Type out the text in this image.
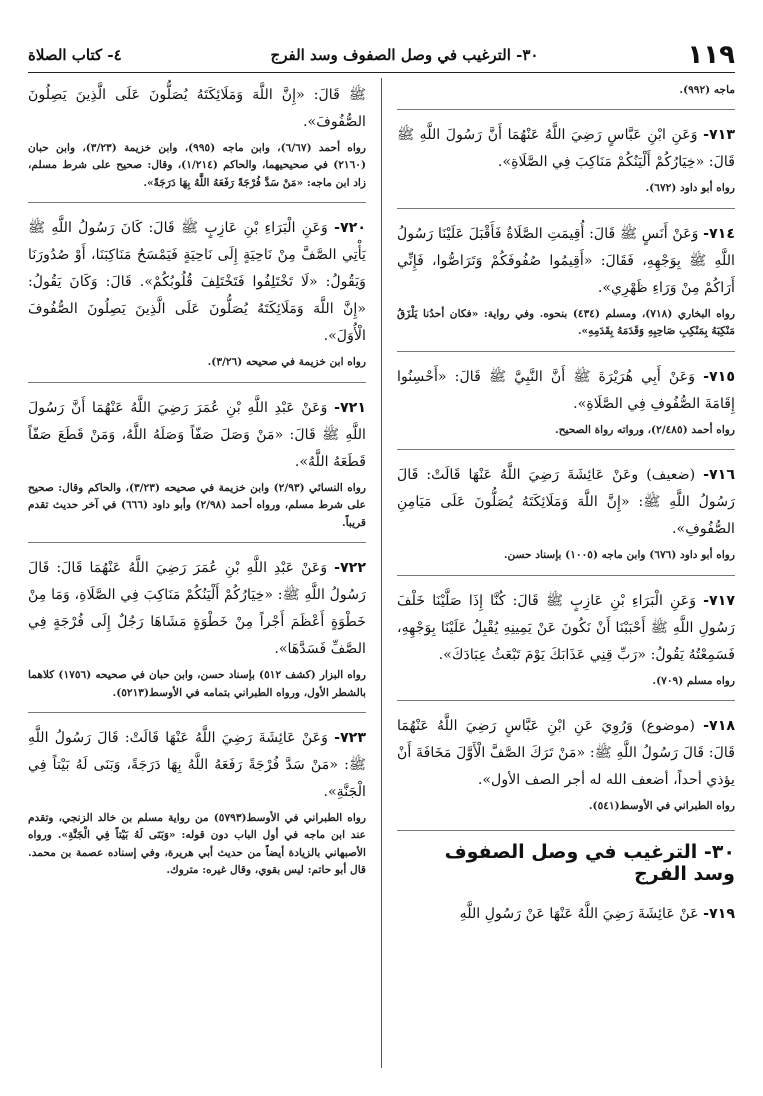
١١٩
٣٠- الترغيب في وصل الصفوف وسد الفرج
٤- كتاب الصلاة

ماجه (٩٩٢).

٧١٣- وَعَنِ ابْنِ عَبَّاسٍ رَضِيَ اللَّهُ عَنْهُمَا أَنَّ رَسُولَ اللَّهِ ﷺ قَالَ: «خِيَارُكُمْ أَلْيَنُكُمْ مَنَاكِبَ فِي الصَّلَاةِ».

رواه أبو داود (٦٧٢).

٧١٤- وَعَنْ أَنَسٍ ﷺ قَالَ: أُقِيمَتِ الصَّلَاةُ فَأَقْبَلَ عَلَيْنَا رَسُولُ اللَّهِ ﷺ بِوَجْهِهِ، فَقَالَ: «أَقِيمُوا صُفُوفَكُمْ وَتَرَاصُّوا، فَإِنِّي أَرَاكُمْ مِنْ وَرَاءِ ظَهْرِي».

رواه البخاري (٧١٨)، ومسلم (٤٣٤) بنحوه. وفي رواية: «فكان أحدُنا يَلْزَقُ مَنْكِبَهُ بِمَنْكِبِ صَاحِبِهِ وَقَدَمَهُ بِقَدَمِهِ».

٧١٥- وَعَنْ أَبِي هُرَيْرَةَ ﷺ أَنَّ النَّبِيَّ ﷺ قَالَ: «أَحْسِنُوا إِقَامَةَ الصُّفُوفِ فِي الصَّلَاةِ».

رواه أحمد (٢/٤٨٥)، ورواته رواة الصحيح.

٧١٦- (ضعيف) وعَنْ عَائِشَةَ رَضِيَ اللَّهُ عَنْهَا قَالَتْ: قَالَ رَسُولُ اللَّهِ ﷺ: «إِنَّ اللَّهَ وَمَلَائِكَتَهُ يُصَلُّونَ عَلَى مَيَامِنِ الصُّفُوفِ».

رواه أبو داود (٦٧٦) وابن ماجه (١٠٠٥) بإسناد حسن.

٧١٧- وَعَنِ الْبَرَاءِ بْنِ عَازِبٍ ﷺ قَالَ: كُنَّا إِذَا صَلَّيْنَا خَلْفَ رَسُولِ اللَّهِ ﷺ أَحْبَبْنَا أَنْ نَكُونَ عَنْ يَمِينِهِ يُقْبِلُ عَلَيْنَا بِوَجْهِهِ، فَسَمِعْتُهُ يَقُولُ: «رَبِّ قِنِي عَذَابَكَ يَوْمَ تَبْعَثُ عِبَادَكَ».

رواه مسلم (٧٠٩).

٧١٨- (موضوع) وَرُوِيَ عَنِ ابْنِ عَبَّاسٍ رَضِيَ اللَّهُ عَنْهُمَا قَالَ: قَالَ رَسُولُ اللَّهِ ﷺ: «مَنْ تَرَكَ الصَّفَّ الْأَوَّلَ مَخَافَةَ أَنْ يؤذي أحداً، أضعف الله له أجر الصف الأول».

رواه الطبراني في الأوسط(٥٤١).

٣٠- الترغيب في وصل الصفوف وسد الفرج

٧١٩- عَنْ عَائِشَةَ رَضِيَ اللَّهُ عَنْهَا عَنْ رَسُولِ اللَّهِ

ﷺ قَالَ: «إِنَّ اللَّهَ وَمَلَائِكَتَهُ يُصَلُّونَ عَلَى الَّذِينَ يَصِلُونَ الصُّفُوفَ».

رواه أحمد (٦/٦٧)، وابن ماجه (٩٩٥)، وابن خزيمة (٣/٢٣)، وابن حبان (٢١٦٠) في صحيحيهما، والحاكم (١/٢١٤)، وقال: صحيح على شرط مسلم، زاد ابن ماجه: «مَنْ سَدَّ فُرْجَةً رَفَعَهُ اللَّهُ بِهَا دَرَجَةً».

٧٢٠- وَعَنِ الْبَرَاءِ بْنِ عَازِبٍ ﷺ قَالَ: كَانَ رَسُولُ اللَّهِ ﷺ يَأْتِي الصَّفَّ مِنْ نَاحِيَةٍ إِلَى نَاحِيَةٍ فَيَمْسَحُ مَنَاكِبَنَا، أَوْ صُدُورَنَا وَيَقُولُ: «لَا تَخْتَلِفُوا فَتَخْتَلِفَ قُلُوبُكُمْ». قَالَ: وَكَانَ يَقُولُ: «إِنَّ اللَّهَ وَمَلَائِكَتَهُ يُصَلُّونَ عَلَى الَّذِينَ يَصِلُونَ الصُّفُوفَ الْأُوَلَ».

رواه ابن خزيمة في صحيحه (٣/٢٦).

٧٢١- وَعَنْ عَبْدِ اللَّهِ بْنِ عُمَرَ رَضِيَ اللَّهُ عَنْهُمَا أَنَّ رَسُولَ اللَّهِ ﷺ قَالَ: «مَنْ وَصَلَ صَفّاً وَصَلَهُ اللَّهُ، وَمَنْ قَطَعَ صَفّاً قَطَعَهُ اللَّهُ».

رواه النسائي (٢/٩٣) وابن خزيمة في صحيحه (٣/٢٣)، والحاكم وقال: صحيح على شرط مسلم، ورواه أحمد (٢/٩٨) وأبو داود (٦٦٦) في آخر حديث تقدم قريباً.

٧٢٢- وَعَنْ عَبْدِ اللَّهِ بْنِ عُمَرَ رَضِيَ اللَّهُ عَنْهُمَا قَالَ: قَالَ رَسُولُ اللَّهِ ﷺ: «خِيَارُكُمْ أَلْيَنُكُمْ مَنَاكِبَ فِي الصَّلَاةِ، وَمَا مِنْ خَطْوَةٍ أَعْظَمَ أَجْراً مِنْ خَطْوَةٍ مَشَاهَا رَجُلٌ إِلَى فُرْجَةٍ فِي الصَّفِّ فَسَدَّهَا».

رواه البزار (كشف ٥١٢) بإسناد حسن، وابن حبان في صحيحه (١٧٥٦) كلاهما بالشطر الأول، ورواه الطبراني بتمامه في الأوسط(٥٢١٣).

٧٢٣- وَعَنْ عَائِشَةَ رَضِيَ اللَّهُ عَنْهَا قَالَتْ: قَالَ رَسُولُ اللَّهِ ﷺ: «مَنْ سَدَّ فُرْجَةً رَفَعَهُ اللَّهُ بِهَا دَرَجَةً، وَبَنَى لَهُ بَيْتاً فِي الْجَنَّةِ».

رواه الطبراني في الأوسط(٥٧٩٣) من رواية مسلم بن خالد الزنجي، وتقدم عند ابن ماجه في أول الباب دون قوله: «وَبَنَى لَهُ بَيْتاً فِي الْجَنَّةِ». ورواه الأصبهاني بالزيادة أيضاً من حديث أبي هريرة، وفي إسناده عصمة بن محمد. قال أبو حاتم: ليس بقوي، وقال غيره: متروك.
